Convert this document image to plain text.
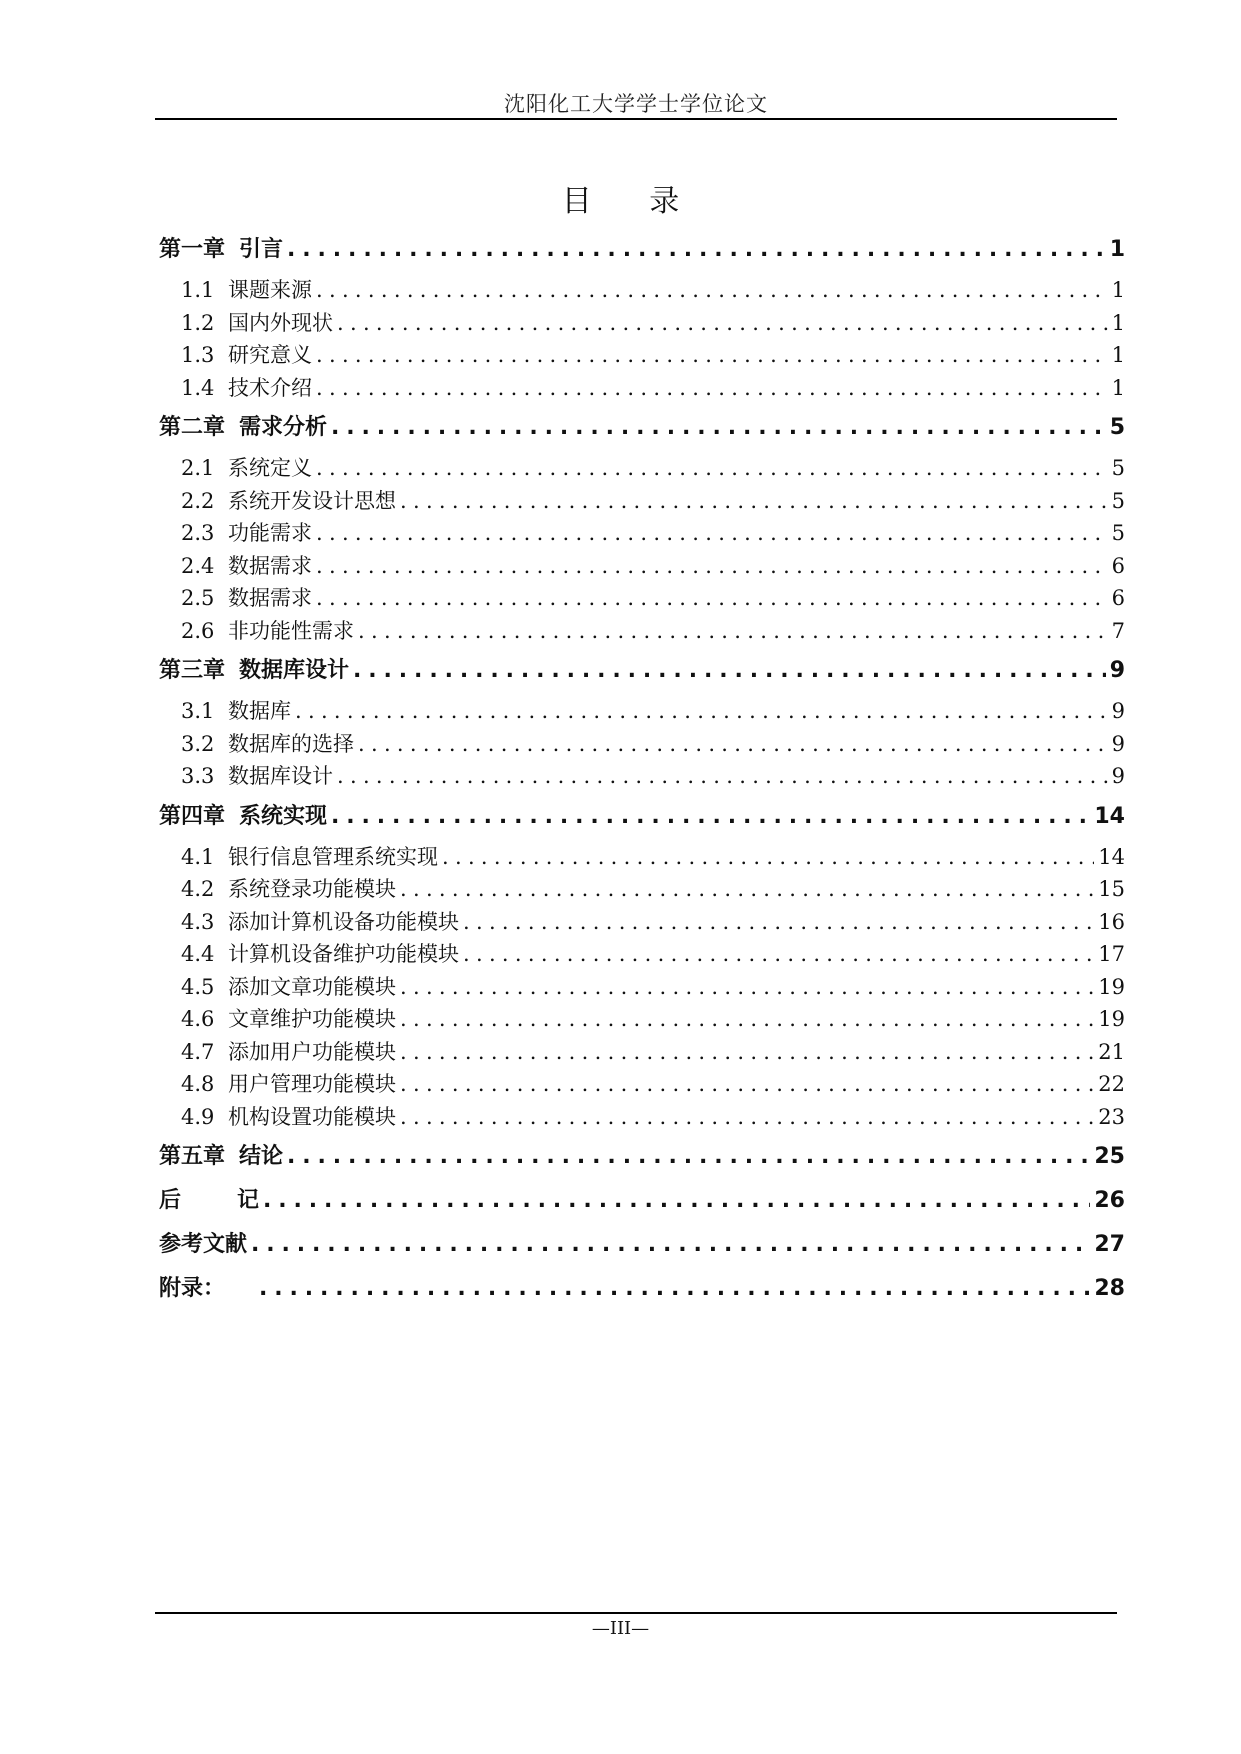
沈阳化工大学学士学位论文
目 录
第一章 引言 .....	1
1.1 课题来源 .....	1
1.2 国内外现状 .....	1
1.3 研究意义 .....	1
1.4 技术介绍 .....	1
第二章 需求分析 .....	5
2.1 系统定义 .....	5
2.2 系统开发设计思想 .....	5
2.3 功能需求 .....	5
2.4 数据需求 .....	6
2.5 数据需求 .....	6
2.6 非功能性需求 .....	7
第三章 数据库设计 .....	9
3.1 数据库 .....	9
3.2 数据库的选择 .....	9
3.3 数据库设计 .....	9
第四章 系统实现 .....	14
4.1 银行信息管理系统实现 .....	14
4.2 系统登录功能模块 .....	15
4.3 添加计算机设备功能模块 .....	16
4.4 计算机设备维护功能模块 .....	17
4.5 添加文章功能模块 .....	19
4.6 文章维护功能模块 .....	19
4.7 添加用户功能模块 .....	21
4.8 用户管理功能模块 .....	22
4.9 机构设置功能模块 .....	23
第五章 结论 .....	25
后	记 .....	26
参考文献 .....	27
附录： .....	28
—III—
